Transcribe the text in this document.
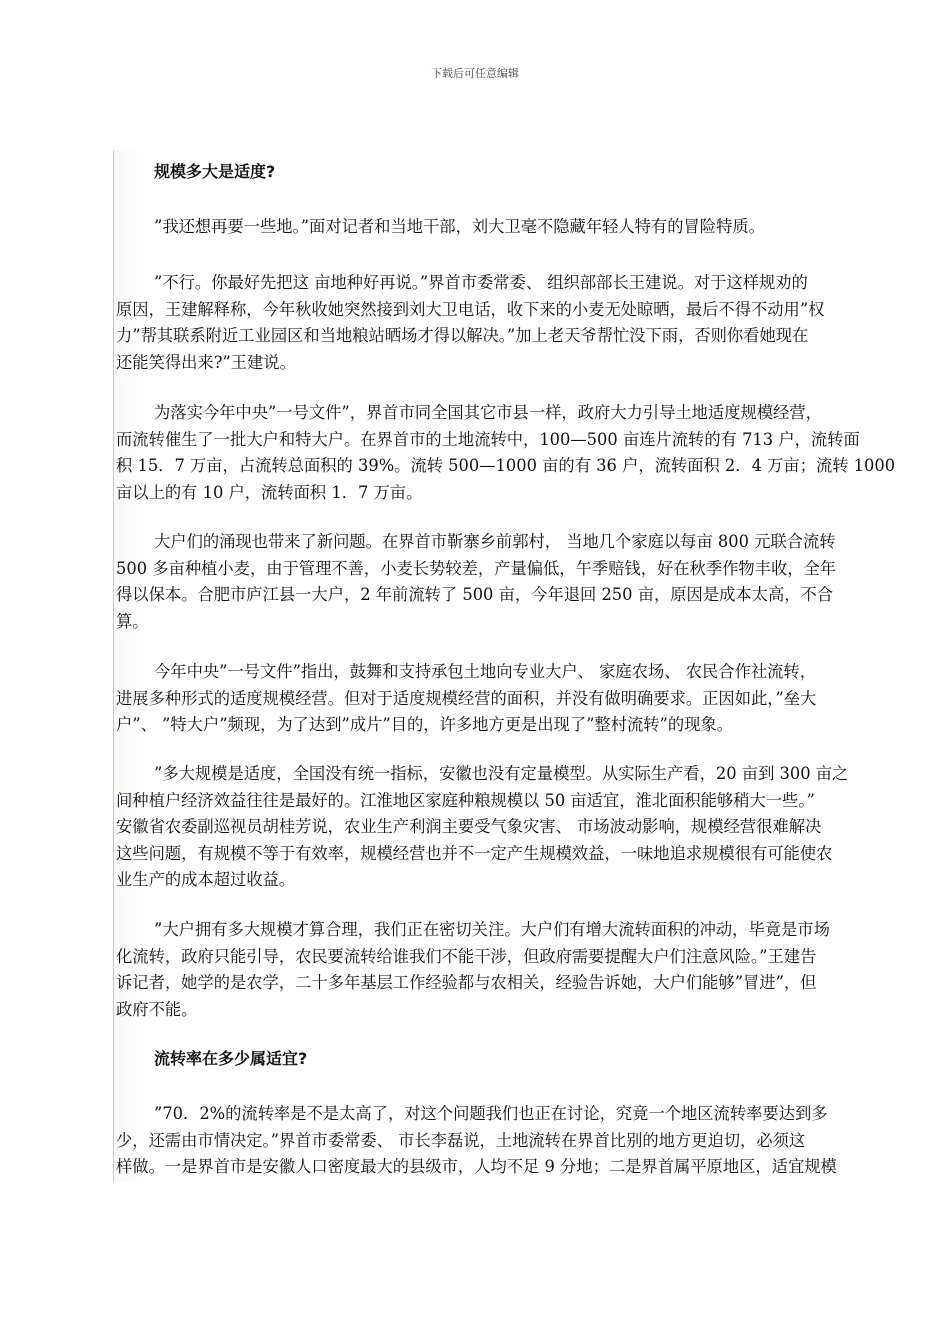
下载后可任意编辑
规模多大是适度?
”我还想再要一些地。”面对记者和当地干部，刘大卫毫不隐藏年轻人特有的冒险特质。
”不行。你最好先把这 亩地种好再说。”界首市委常委、 组织部部长王建说。对于这样规劝的
原因，王建解释称，今年秋收她突然接到刘大卫电话，收下来的小麦无处晾晒，最后不得不动用”权
力”帮其联系附近工业园区和当地粮站晒场才得以解决。”加上老天爷帮忙没下雨，否则你看她现在
还能笑得出来?”王建说。
为落实今年中央”一号文件”，界首市同全国其它市县一样，政府大力引导土地适度规模经营，
而流转催生了一批大户和特大户。在界首市的土地流转中，100—500 亩连片流转的有 713 户，流转面
积 15．7 万亩，占流转总面积的 39%。流转 500—1000 亩的有 36 户，流转面积 2．4 万亩；流转 1000
亩以上的有 10 户，流转面积 1．7 万亩。
大户们的涌现也带来了新问题。在界首市靳寨乡前郭村， 当地几个家庭以每亩 800 元联合流转
500 多亩种植小麦，由于管理不善，小麦长势较差，产量偏低，午季赔钱，好在秋季作物丰收，全年
得以保本。合肥市庐江县一大户，2 年前流转了 500 亩，今年退回 250 亩，原因是成本太高，不合
算。
今年中央”一号文件”指出，鼓舞和支持承包土地向专业大户、 家庭农场、 农民合作社流转，
进展多种形式的适度规模经营。但对于适度规模经营的面积，并没有做明确要求。正因如此，”垒大
户”、 ”特大户”频现，为了达到”成片”目的，许多地方更是出现了”整村流转”的现象。
”多大规模是适度，全国没有统一指标，安徽也没有定量模型。从实际生产看，20 亩到 300 亩之
间种植户经济效益往往是最好的。江淮地区家庭种粮规模以 50 亩适宜，淮北面积能够稍大一些。”
安徽省农委副巡视员胡桂芳说，农业生产利润主要受气象灾害、 市场波动影响，规模经营很难解决
这些问题，有规模不等于有效率，规模经营也并不一定产生规模效益，一味地追求规模很有可能使农
业生产的成本超过收益。
”大户拥有多大规模才算合理，我们正在密切关注。大户们有增大流转面积的冲动，毕竟是市场
化流转，政府只能引导，农民要流转给谁我们不能干涉，但政府需要提醒大户们注意风险。”王建告
诉记者，她学的是农学，二十多年基层工作经验都与农相关，经验告诉她，大户们能够”冒进”，但
政府不能。
流转率在多少属适宜?
”70．2%的流转率是不是太高了，对这个问题我们也正在讨论，究竟一个地区流转率要达到多
少，还需由市情决定。”界首市委常委、 市长李磊说，土地流转在界首比别的地方更迫切，必须这
样做。一是界首市是安徽人口密度最大的县级市，人均不足 9 分地；二是界首属平原地区，适宜规模
